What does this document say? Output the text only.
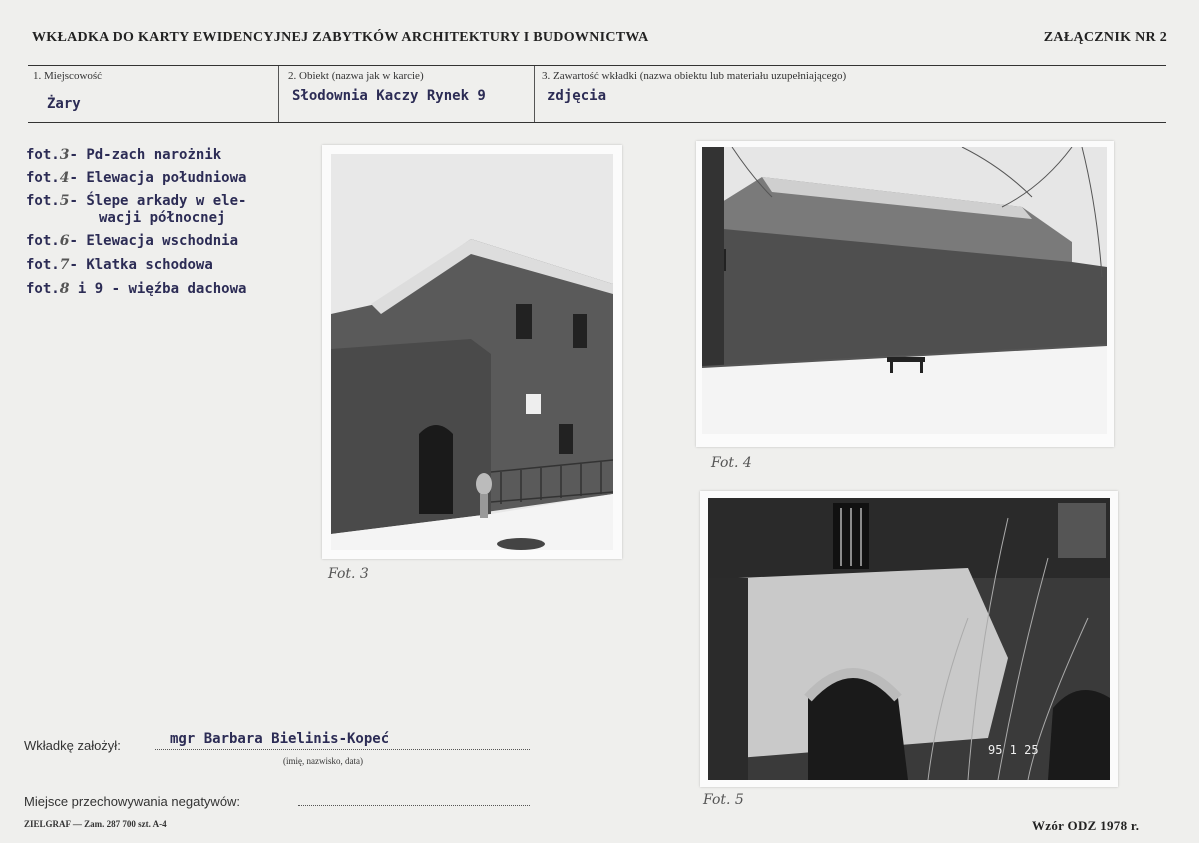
WKŁADKA DO KARTY EWIDENCYJNEJ ZABYTKÓW ARCHITEKTURY I BUDOWNICTWA	ZAŁĄCZNIK NR 2
1. Miejscowość
Żary
2. Obiekt (nazwa jak w karcie)
Słodownia Kaczy Rynek 9
3. Zawartość wkładki (nazwa obiektu lub materiału uzupełniającego)
zdjęcia
fot.3- Pd-zach narożnik
fot.4- Elewacja południowa
fot.5- Ślepe arkady w ele-
wacji północnej
fot.6- Elewacja wschodnia
fot.7- Klatka schodowa
fot.8 i 9 - więźba dachowa
Fot. 3
Fot. 4
95 1 25
Fot. 5
Wkładkę założył:	mgr Barbara Bielinis-Kopeć
(imię, nazwisko, data)
Miejsce przechowywania negatywów:
ZIELGRAF — Zam. 287 700 szt. A-4	Wzór ODZ 1978 r.
